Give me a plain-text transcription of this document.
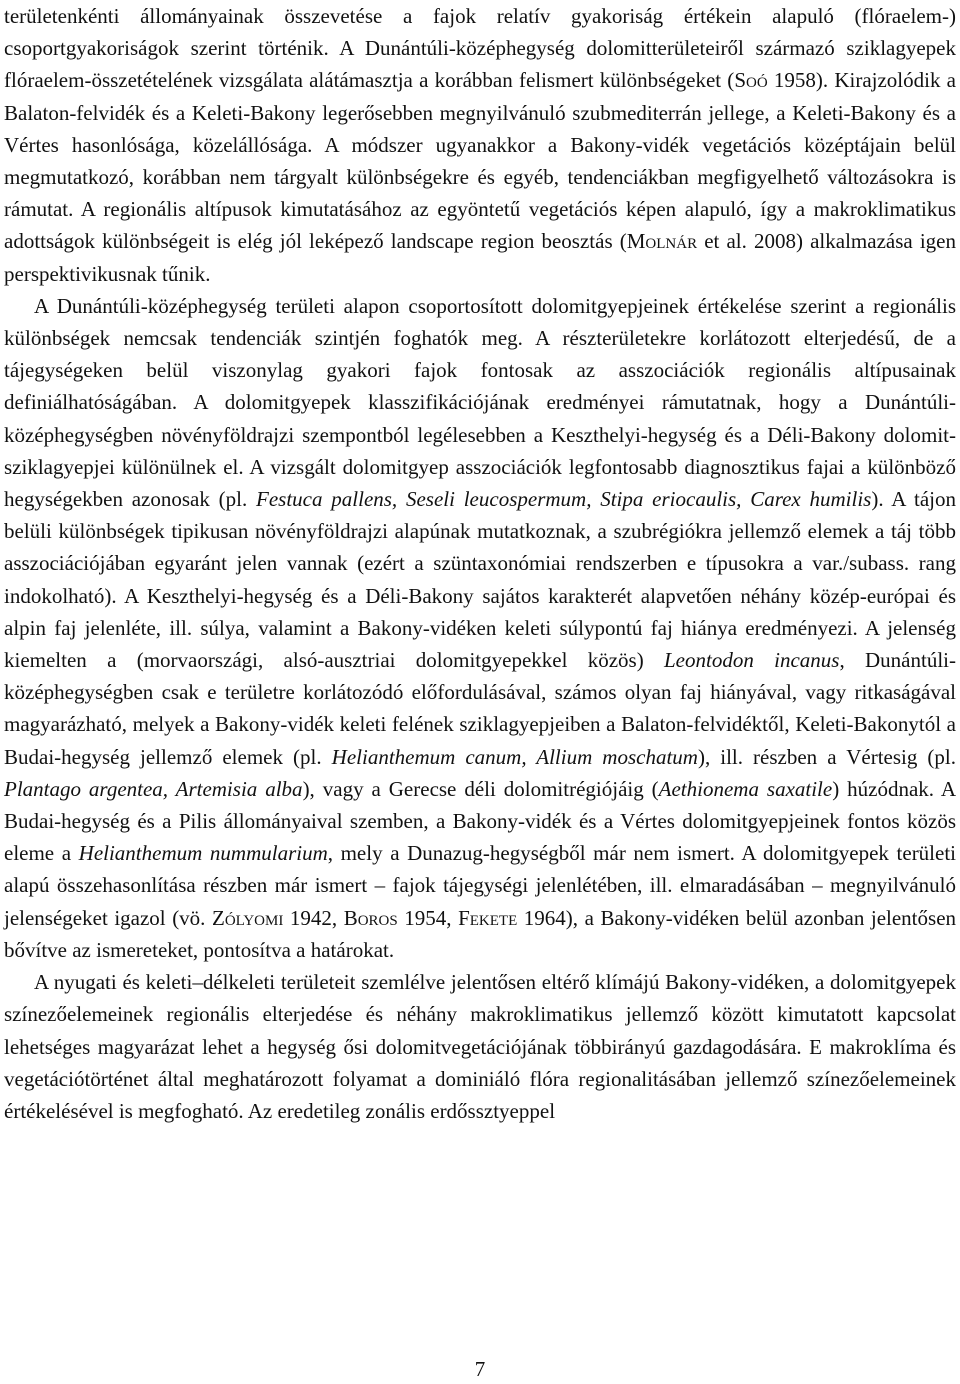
területenkénti állományainak összevetése a fajok relatív gyakoriság értékein alapuló (flóraelem-) csoportgyakoriságok szerint történik. A Dunántúli-középhegység dolomitterületeiről származó sziklagyepek flóraelem-összetételének vizsgálata alátámasztja a korábban felismert különbségeket (Soó 1958). Kirajzolódik a Balaton-felvidék és a Keleti-Bakony legerősebben megnyilvánuló szubmediterrán jellege, a Keleti-Bakony és a Vértes hasonlósága, közelállósága. A módszer ugyanakkor a Bakony-vidék vegetációs középtájain belül megmutatkozó, korábban nem tárgyalt különbségekre és egyéb, tendenciákban megfigyelhető változásokra is rámutat. A regionális altípusok kimutatásához az egyöntetű vegetációs képen alapuló, így a makroklimatikus adottságok különbségeit is elég jól leképező landscape region beosztás (Molnár et al. 2008) alkalmazása igen perspektivikusnak tűnik.

A Dunántúli-középhegység területi alapon csoportosított dolomitgyepjeinek értékelése szerint a regionális különbségek nemcsak tendenciák szintjén foghatók meg. A részterületekre korlátozott elterjedésű, de a tájegységeken belül viszonylag gyakori fajok fontosak az asszociációk regionális altípusainak definiálhatóságában. A dolomitgyepek klasszifikációjának eredményei rámutatnak, hogy a Dunántúli-középhegységben növényföldrajzi szempontból legélesebben a Keszthelyi-hegység és a Déli-Bakony dolomit-sziklagyepjei különülnek el. A vizsgált dolomitgyep asszociációk legfontosabb diagnosztikus fajai a különböző hegységekben azonosak (pl. Festuca pallens, Seseli leucospermum, Stipa eriocaulis, Carex humilis). A tájon belüli különbségek tipikusan növényföldrajzi alapúnak mutatkoznak, a szubrégiókra jellemző elemek a táj több asszociációjában egyaránt jelen vannak (ezért a szüntaxonómiai rendszerben e típusokra a var./subass. rang indokolható). A Keszthelyi-hegység és a Déli-Bakony sajátos karakterét alapvetően néhány közép-európai és alpin faj jelenléte, ill. súlya, valamint a Bakony-vidéken keleti súlypontú faj hiánya eredményezi. A jelenség kiemelten a (morvaországi, alsó-ausztriai dolomitgyepekkel közös) Leontodon incanus, Dunántúli-középhegységben csak e területre korlátozódó előfordulásával, számos olyan faj hiányával, vagy ritkaságával magyarázható, melyek a Bakony-vidék keleti felének sziklagyepjeiben a Balaton-felvidéktől, Keleti-Bakonytól a Budai-hegység jellemző elemek (pl. Helianthemum canum, Allium moschatum), ill. részben a Vértesig (pl. Plantago argentea, Artemisia alba), vagy a Gerecse déli dolomitrégiójáig (Aethionema saxatile) húzódnak. A Budai-hegység és a Pilis állományaival szemben, a Bakony-vidék és a Vértes dolomitgyepjeinek fontos közös eleme a Helianthemum nummularium, mely a Dunazug-hegységből már nem ismert. A dolomitgyepek területi alapú összehasonlítása részben már ismert – fajok tájegységi jelenlétében, ill. elmaradásában – megnyilvánuló jelenségeket igazol (vö. Zólyomi 1942, Boros 1954, Fekete 1964), a Bakony-vidéken belül azonban jelentősen bővítve az ismereteket, pontosítva a határokat.

A nyugati és keleti–délkeleti területeit szemlélve jelentősen eltérő klímájú Bakony-vidéken, a dolomitgyepek színezőelemeinek regionális elterjedése és néhány makroklimatikus jellemző között kimutatott kapcsolat lehetséges magyarázat lehet a hegység ősi dolomitvegetációjának többirányú gazdagodására. E makroklíma és vegetációtörténet által meghatározott folyamat a dominiáló flóra regionalitásában jellemző színezőelemeinek értékelésével is megfogható. Az eredetileg zonális erdőssztyeppel

7
